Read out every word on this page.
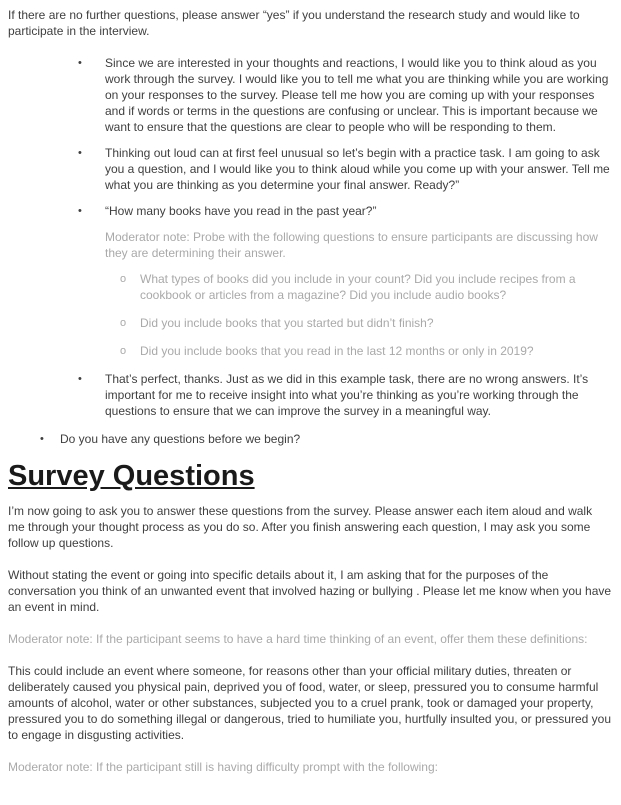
If there are no further questions, please answer “yes” if you understand the research study and would like to participate in the interview.

•	Since we are interested in your thoughts and reactions, I would like you to think aloud as you work through the survey. I would like you to tell me what you are thinking while you are working on your responses to the survey. Please tell me how you are coming up with your responses and if words or terms in the questions are confusing or unclear. This is important because we want to ensure that the questions are clear to people who will be responding to them.

•	Thinking out loud can at first feel unusual so let’s begin with a practice task. I am going to ask you a question, and I would like you to think aloud while you come up with your answer. Tell me what you are thinking as you determine your final answer. Ready?”

•	“How many books have you read in the past year?”

Moderator note: Probe with the following questions to ensure participants are discussing how they are determining their answer.

o	What types of books did you include in your count? Did you include recipes from a cookbook or articles from a magazine? Did you include audio books?

o	Did you include books that you started but didn’t finish?

o	Did you include books that you read in the last 12 months or only in 2019?

•	That’s perfect, thanks. Just as we did in this example task, there are no wrong answers. It’s important for me to receive insight into what you’re thinking as you’re working through the questions to ensure that we can improve the survey in a meaningful way.

•	Do you have any questions before we begin?

Survey Questions

I’m now going to ask you to answer these questions from the survey. Please answer each item aloud and walk me through your thought process as you do so. After you finish answering each question, I may ask you some follow up questions.

Without stating the event or going into specific details about it, I am asking that for the purposes of the conversation you think of an unwanted event that involved hazing or bullying . Please let me know when you have an event in mind.

Moderator note: If the participant seems to have a hard time thinking of an event, offer them these definitions:

This could include an event where someone, for reasons other than your official military duties, threaten or deliberately caused you physical pain, deprived you of food, water, or sleep, pressured you to consume harmful amounts of alcohol, water or other substances, subjected you to a cruel prank, took or damaged your property, pressured you to do something illegal or dangerous, tried to humiliate you, hurtfully insulted you, or pressured you to engage in disgusting activities.

Moderator note: If the participant still is having difficulty prompt with the following:
